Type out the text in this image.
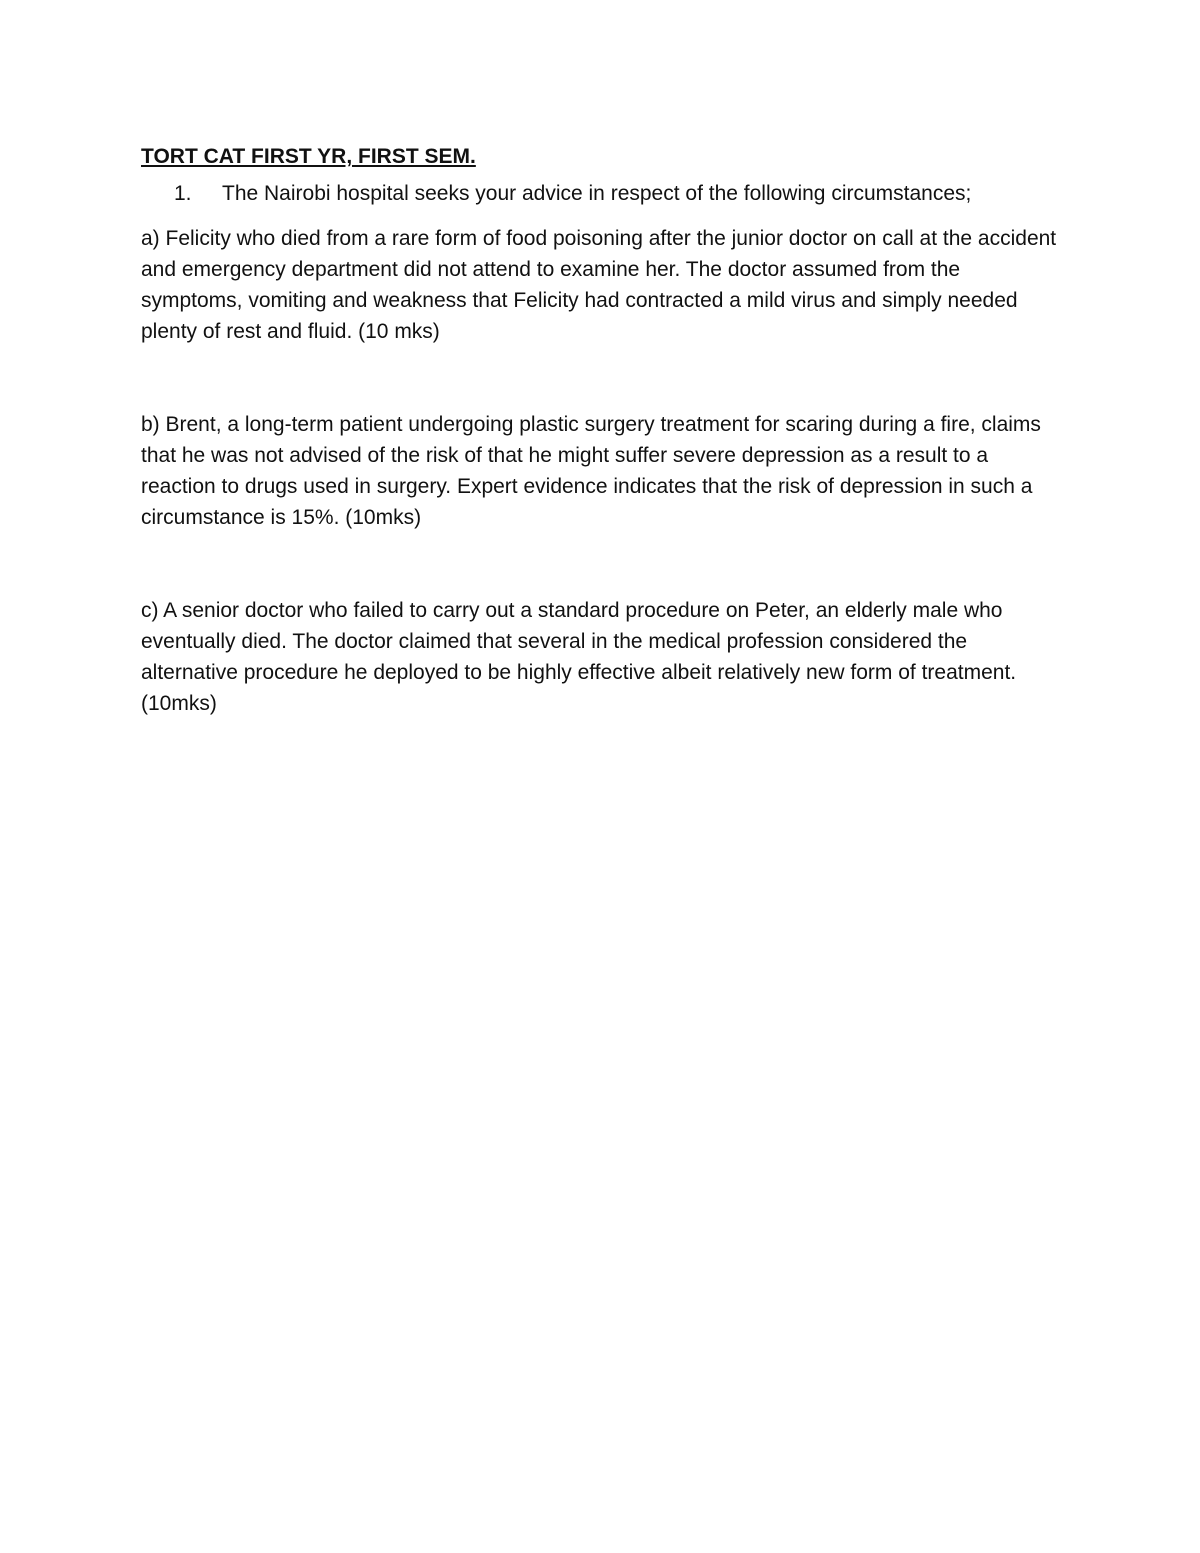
TORT CAT FIRST YR, FIRST SEM.

1.	The Nairobi hospital seeks your advice in respect of the following circumstances;

a) Felicity who died from a rare form of food poisoning after the junior doctor on call at the accident and emergency department did not attend to examine her. The doctor assumed from the symptoms, vomiting and weakness that Felicity had contracted a mild virus and simply needed plenty of rest and fluid. (10 mks)

b) Brent, a long-term patient undergoing plastic surgery treatment for scaring during a fire, claims that he was not advised of the risk of that he might suffer severe depression as a result to a reaction to drugs used in surgery. Expert evidence indicates that the risk of depression in such a circumstance is 15%. (10mks)

c) A senior doctor who failed to carry out a standard procedure on Peter, an elderly male who eventually died. The doctor claimed that several in the medical profession considered the alternative procedure he deployed to be highly effective albeit relatively new form of treatment. (10mks)
